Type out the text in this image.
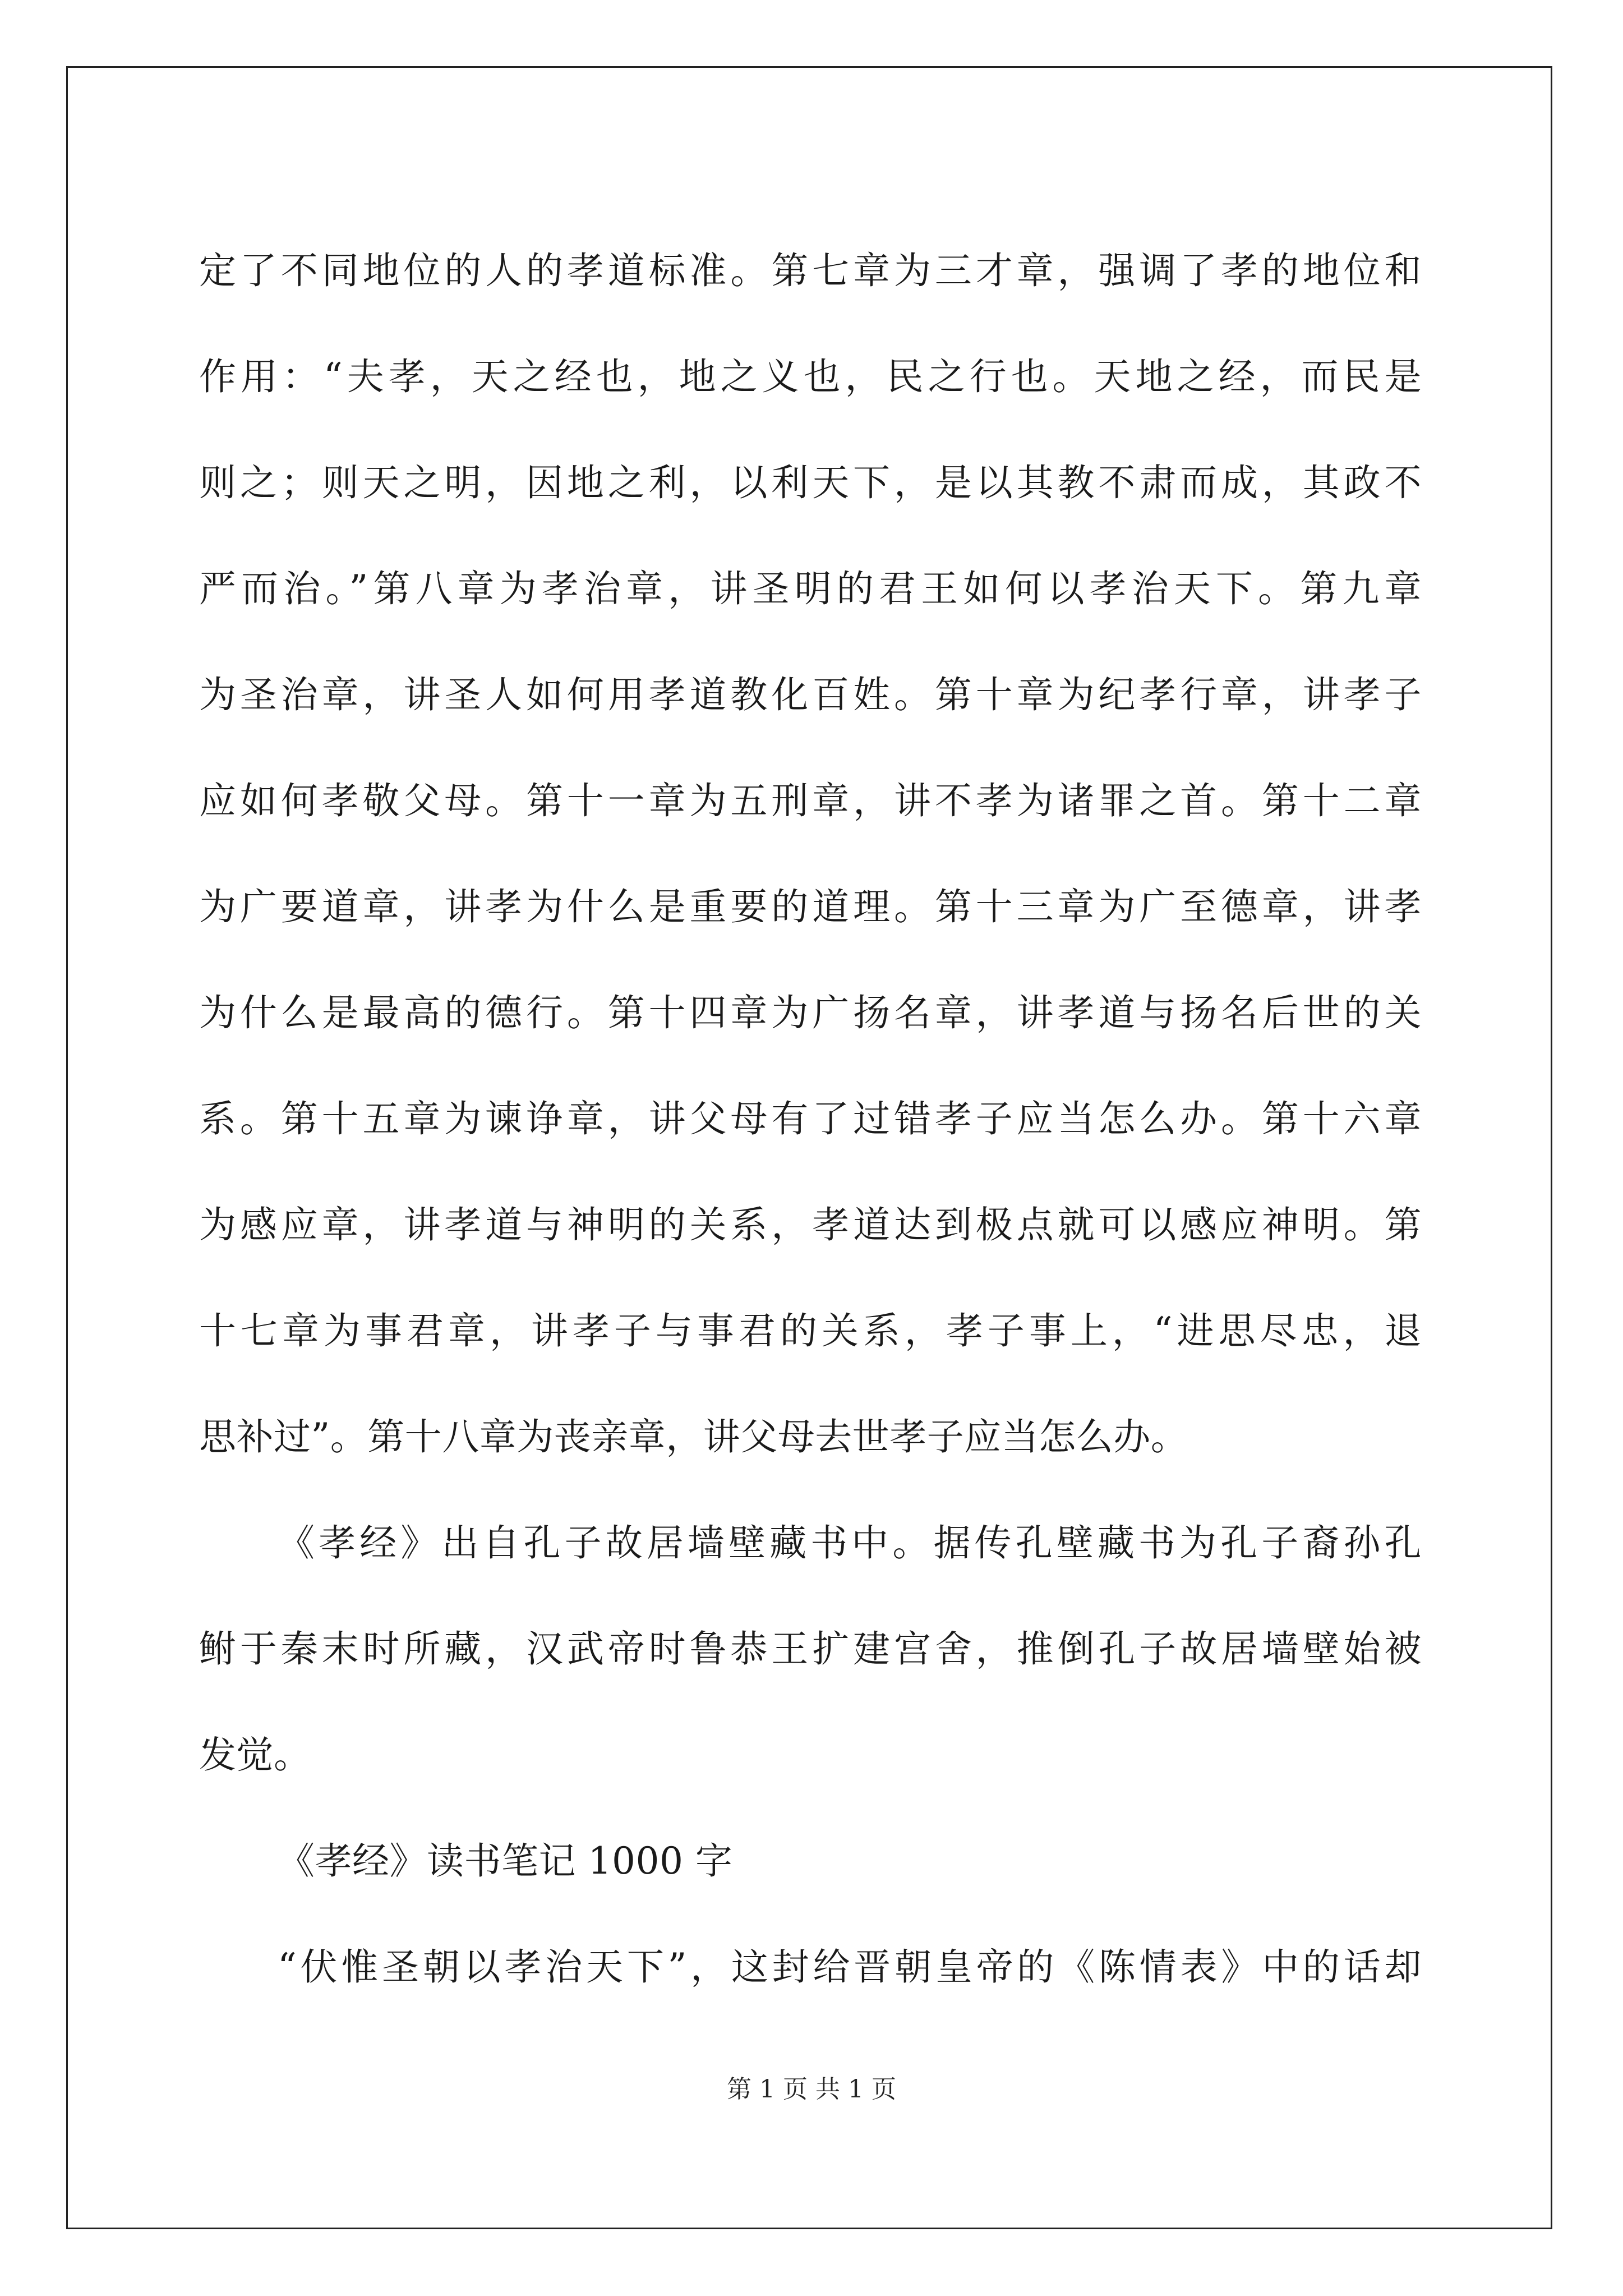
定了不同地位的人的孝道标准。第七章为三才章，强调了孝的地位和
作用：“夫孝，天之经也，地之义也，民之行也。天地之经，而民是
则之；则天之明，因地之利，以利天下，是以其教不肃而成，其政不
严而治。”第八章为孝治章，讲圣明的君王如何以孝治天下。第九章
为圣治章，讲圣人如何用孝道教化百姓。第十章为纪孝行章，讲孝子
应如何孝敬父母。第十一章为五刑章，讲不孝为诸罪之首。第十二章
为广要道章，讲孝为什么是重要的道理。第十三章为广至德章，讲孝
为什么是最高的德行。第十四章为广扬名章，讲孝道与扬名后世的关
系。第十五章为谏诤章，讲父母有了过错孝子应当怎么办。第十六章
为感应章，讲孝道与神明的关系，孝道达到极点就可以感应神明。第
十七章为事君章，讲孝子与事君的关系，孝子事上，“进思尽忠，退
思补过”。第十八章为丧亲章，讲父母去世孝子应当怎么办。
《孝经》出自孔子故居墙壁藏书中。据传孔壁藏书为孔子裔孙孔
鲋于秦末时所藏，汉武帝时鲁恭王扩建宫舍，推倒孔子故居墙壁始被
发觉。
《孝经》读书笔记 1000 字
“伏惟圣朝以孝治天下”，这封给晋朝皇帝的《陈情表》中的话却
第 1 页 共 1 页
